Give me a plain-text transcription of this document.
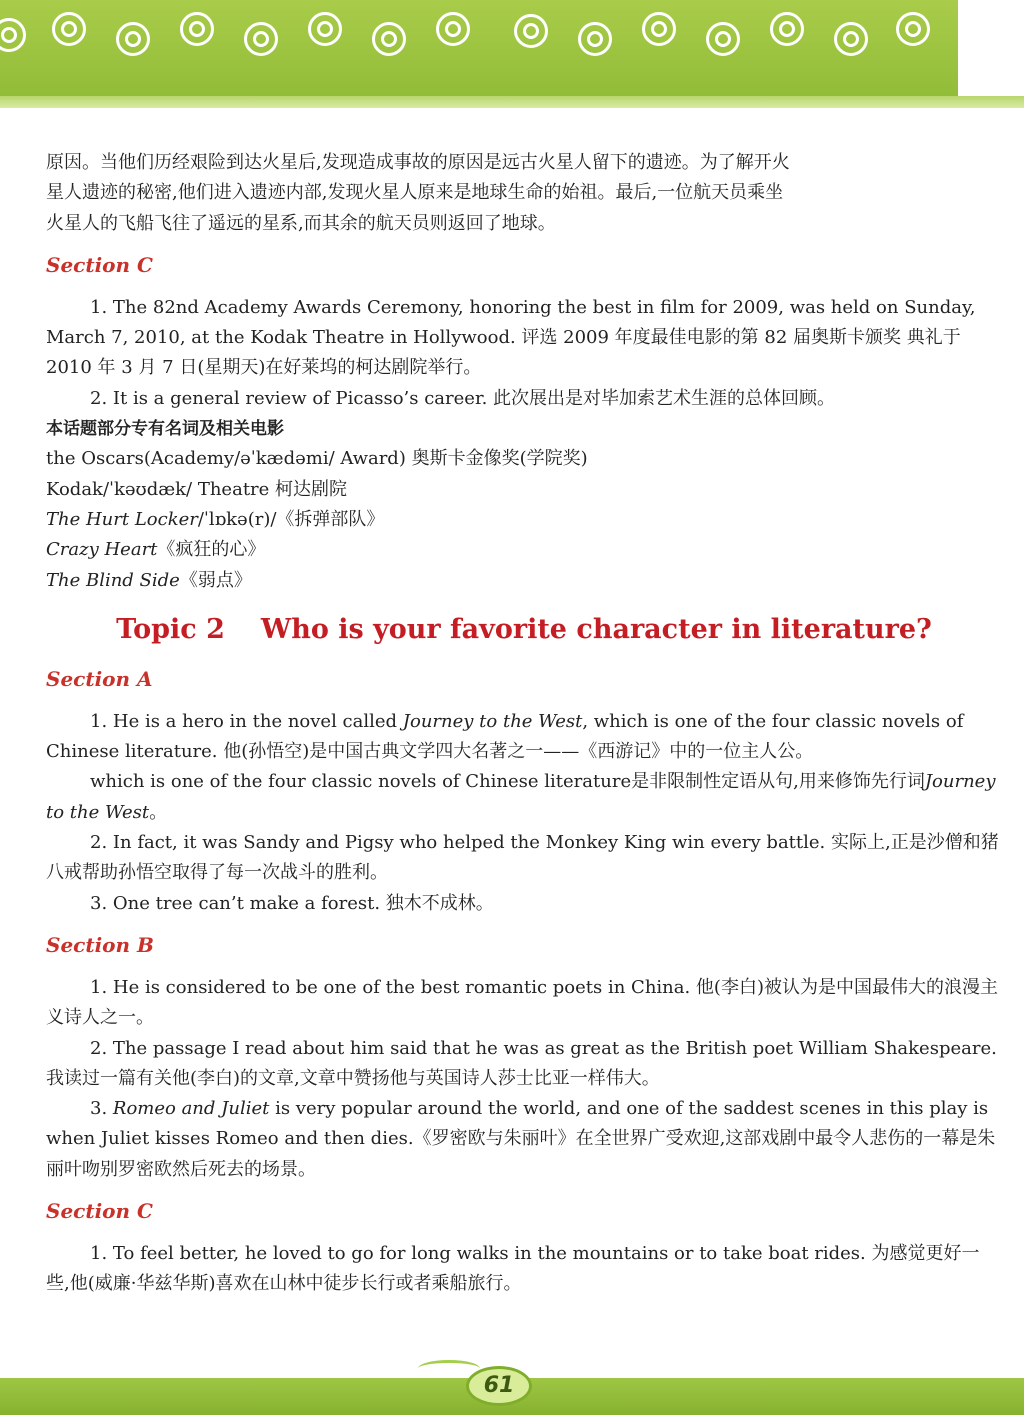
原因。当他们历经艰险到达火星后,发现造成事故的原因是远古火星人留下的遗迹。为了解开火

星人遗迹的秘密,他们进入遗迹内部,发现火星人原来是地球生命的始祖。最后,一位航天员乘坐

火星人的飞船飞往了遥远的星系,而其余的航天员则返回了地球。

Section C

1. The 82nd Academy Awards Ceremony, honoring the best in film for 2009, was held on Sunday, March 7, 2010, at the Kodak Theatre in Hollywood. 评选 2009 年度最佳电影的第 82 届奥斯卡颁奖 典礼于 2010 年 3 月 7 日(星期天)在好莱坞的柯达剧院举行。

2. It is a general review of Picasso’s career. 此次展出是对毕加索艺术生涯的总体回顾。

本话题部分专有名词及相关电影

the Oscars(Academy/əˈkædəmi/ Award) 奥斯卡金像奖(学院奖)

Kodak/ˈkəʊdæk/ Theatre 柯达剧院

The Hurt Locker/ˈlɒkə(r)/《拆弹部队》

Crazy Heart《疯狂的心》

The Blind Side《弱点》

Topic 2 Who is your favorite character in literature?
Section A

1. He is a hero in the novel called Journey to the West, which is one of the four classic novels of Chinese literature. 他(孙悟空)是中国古典文学四大名著之一——《西游记》中的一位主人公。

which is one of the four classic novels of Chinese literature是非限制性定语从句,用来修饰先行词Journey to the West。

2. In fact, it was Sandy and Pigsy who helped the Monkey King win every battle. 实际上,正是沙僧和猪八戒帮助孙悟空取得了每一次战斗的胜利。

3. One tree can’t make a forest. 独木不成林。

Section B

1. He is considered to be one of the best romantic poets in China. 他(李白)被认为是中国最伟大的浪漫主义诗人之一。

2. The passage I read about him said that he was as great as the British poet William Shakespeare. 我读过一篇有关他(李白)的文章,文章中赞扬他与英国诗人莎士比亚一样伟大。

3. Romeo and Juliet is very popular around the world, and one of the saddest scenes in this play is when Juliet kisses Romeo and then dies.《罗密欧与朱丽叶》在全世界广受欢迎,这部戏剧中最令人悲伤的一幕是朱丽叶吻别罗密欧然后死去的场景。

Section C

1. To feel better, he loved to go for long walks in the mountains or to take boat rides. 为感觉更好一些,他(威廉·华兹华斯)喜欢在山林中徒步长行或者乘船旅行。

61
